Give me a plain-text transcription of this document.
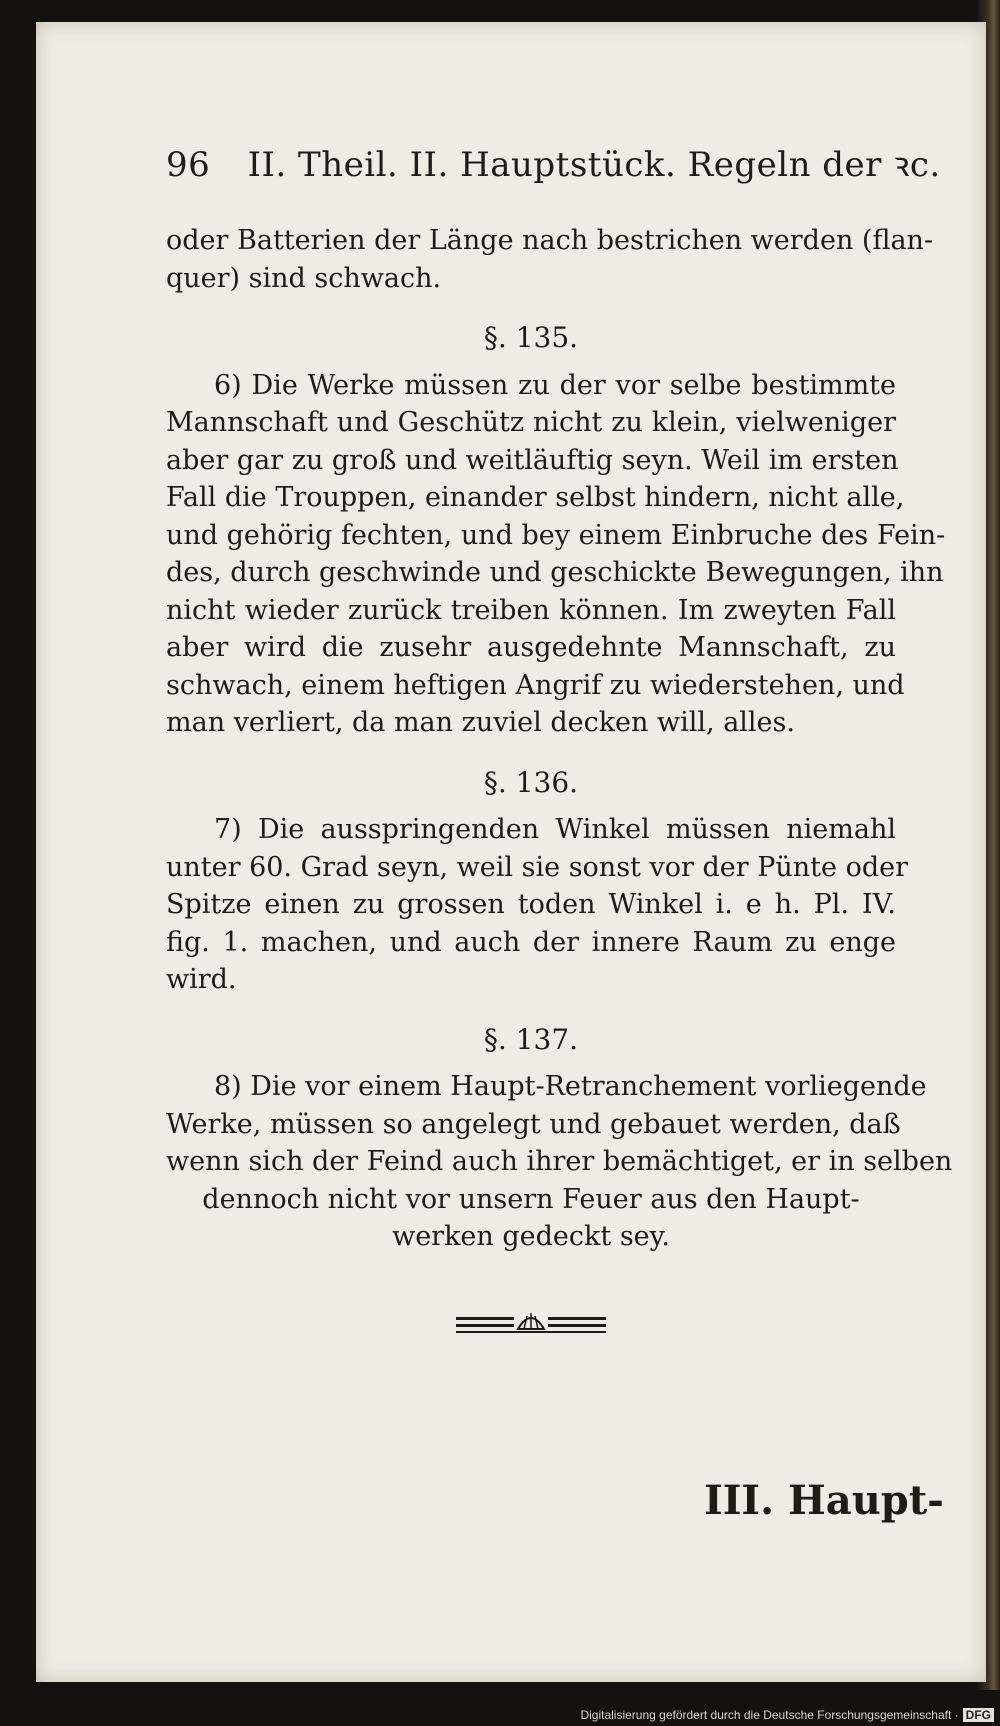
96 II. Theil. II. Hauptstück. Regeln der ꝛc.
oder Batterien der Länge nach bestrichen werden (flan-
quer) sind schwach.
§. 135.
6) Die Werke müssen zu der vor selbe bestimmte
Mannschaft und Geschütz nicht zu klein, vielweniger
aber gar zu groß und weitläuftig seyn. Weil im ersten
Fall die Trouppen, einander selbst hindern, nicht alle,
und gehörig fechten, und bey einem Einbruche des Fein-
des, durch geschwinde und geschickte Bewegungen, ihn
nicht wieder zurück treiben können. Im zweyten Fall
aber wird die zusehr ausgedehnte Mannschaft, zu
schwach, einem heftigen Angrif zu wiederstehen, und
man verliert, da man zuviel decken will, alles.
§. 136.
7) Die ausspringenden Winkel müssen niemahl
unter 60. Grad seyn, weil sie sonst vor der Pünte oder
Spitze einen zu grossen toden Winkel i. e h. Pl. IV.
fig. 1. machen, und auch der innere Raum zu enge
wird.
§. 137.
8) Die vor einem Haupt-Retranchement vorliegende
Werke, müssen so angelegt und gebauet werden, daß
wenn sich der Feind auch ihrer bemächtiget, er in selben
dennoch nicht vor unsern Feuer aus den Haupt-
werken gedeckt sey.
III. Haupt-
Digitalisierung gefördert durch die Deutsche Forschungsgemeinschaft · DFG
